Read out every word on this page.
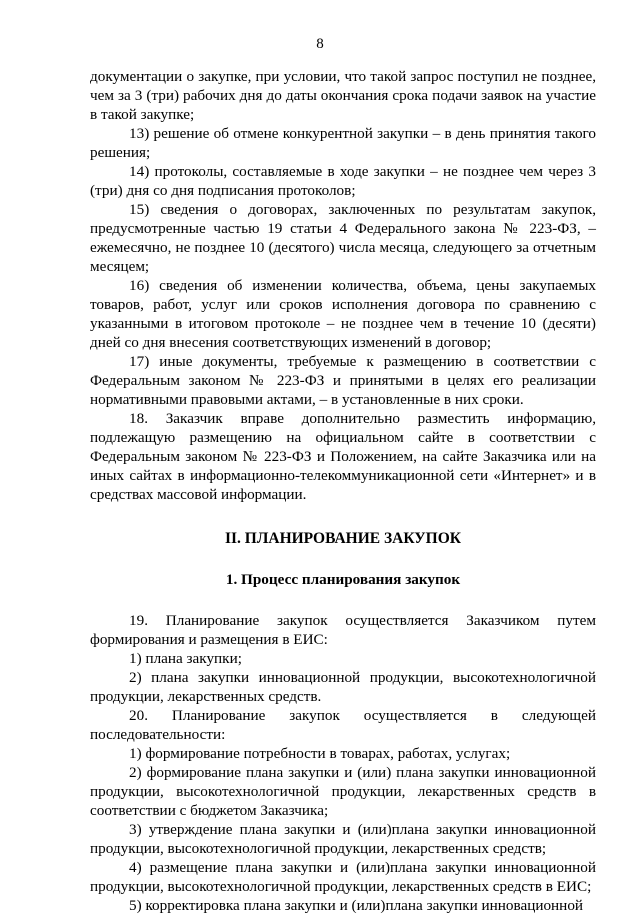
8

документации о закупке, при условии, что такой запрос поступил не позднее, чем за 3 (три) рабочих дня до даты окончания срока подачи заявок на участие в такой закупке;

13) решение об отмене конкурентной закупки – в день принятия такого решения;

14) протоколы, составляемые в ходе закупки – не позднее чем через 3 (три) дня со дня подписания протоколов;

15) сведения о договорах, заключенных по результатам закупок, предусмотренные частью 19 статьи 4 Федерального закона № 223-ФЗ, – ежемесячно, не позднее 10 (десятого) числа месяца, следующего за отчетным месяцем;

16) сведения об изменении количества, объема, цены закупаемых товаров, работ, услуг или сроков исполнения договора по сравнению с указанными в итоговом протоколе – не позднее чем в течение 10 (десяти) дней со дня внесения соответствующих изменений в договор;

17) иные документы, требуемые к размещению в соответствии с Федеральным законом № 223-ФЗ и принятыми в целях его реализации нормативными правовыми актами, – в установленные в них сроки.

18. Заказчик вправе дополнительно разместить информацию, подлежащую размещению на официальном сайте в соответствии с Федеральным законом № 223-ФЗ и Положением, на сайте Заказчика или на иных сайтах в информационно-телекоммуникационной сети «Интернет» и в средствах массовой информации.

II. ПЛАНИРОВАНИЕ ЗАКУПОК

1. Процесс планирования закупок

19. Планирование закупок осуществляется Заказчиком путем формирования и размещения в ЕИС:

1) плана закупки;

2) плана закупки инновационной продукции, высокотехнологичной продукции, лекарственных средств.

20. Планирование закупок осуществляется в следующей последовательности:

1) формирование потребности в товарах, работах, услугах;

2) формирование плана закупки и (или) плана закупки инновационной продукции, высокотехнологичной продукции, лекарственных средств в соответствии с бюджетом Заказчика;

3) утверждение плана закупки и (или)плана закупки инновационной продукции, высокотехнологичной продукции, лекарственных средств;

4) размещение плана закупки и (или)плана закупки инновационной продукции, высокотехнологичной продукции, лекарственных средств в ЕИС;

5) корректировка плана закупки и (или)плана закупки инновационной
